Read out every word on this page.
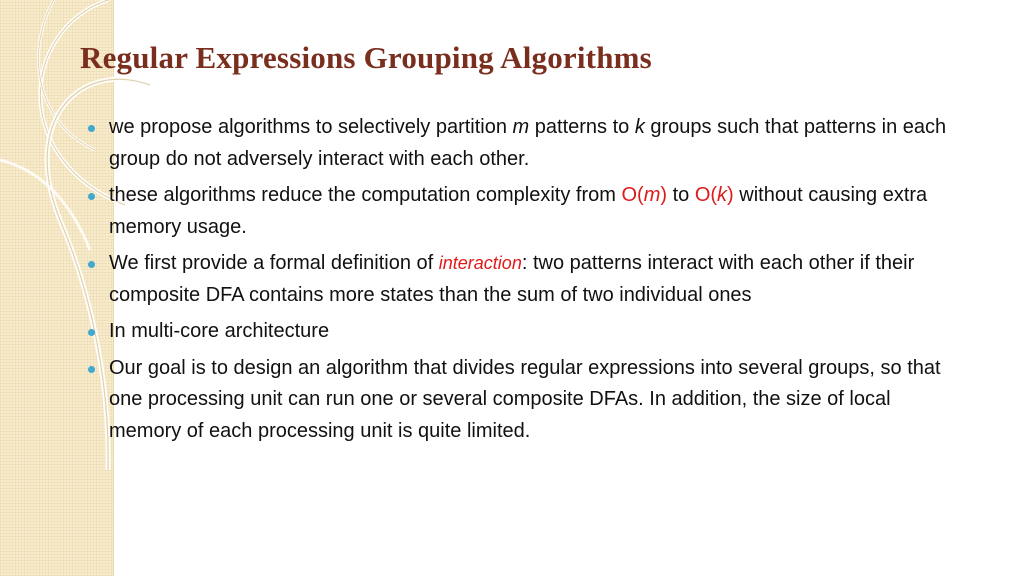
Regular Expressions Grouping Algorithms
we propose algorithms to selectively partition m patterns to k groups such that patterns in each group do not adversely interact with each other.
these algorithms reduce the computation complexity from O(m) to O(k) without causing extra memory usage.
We first provide a formal definition of interaction: two patterns interact with each other if their composite DFA contains more states than the sum of two individual ones
In multi-core architecture
Our goal is to design an algorithm that divides regular expressions into several groups, so that one processing unit can run one or several composite DFAs. In addition, the size of local memory of each processing unit is quite limited.
